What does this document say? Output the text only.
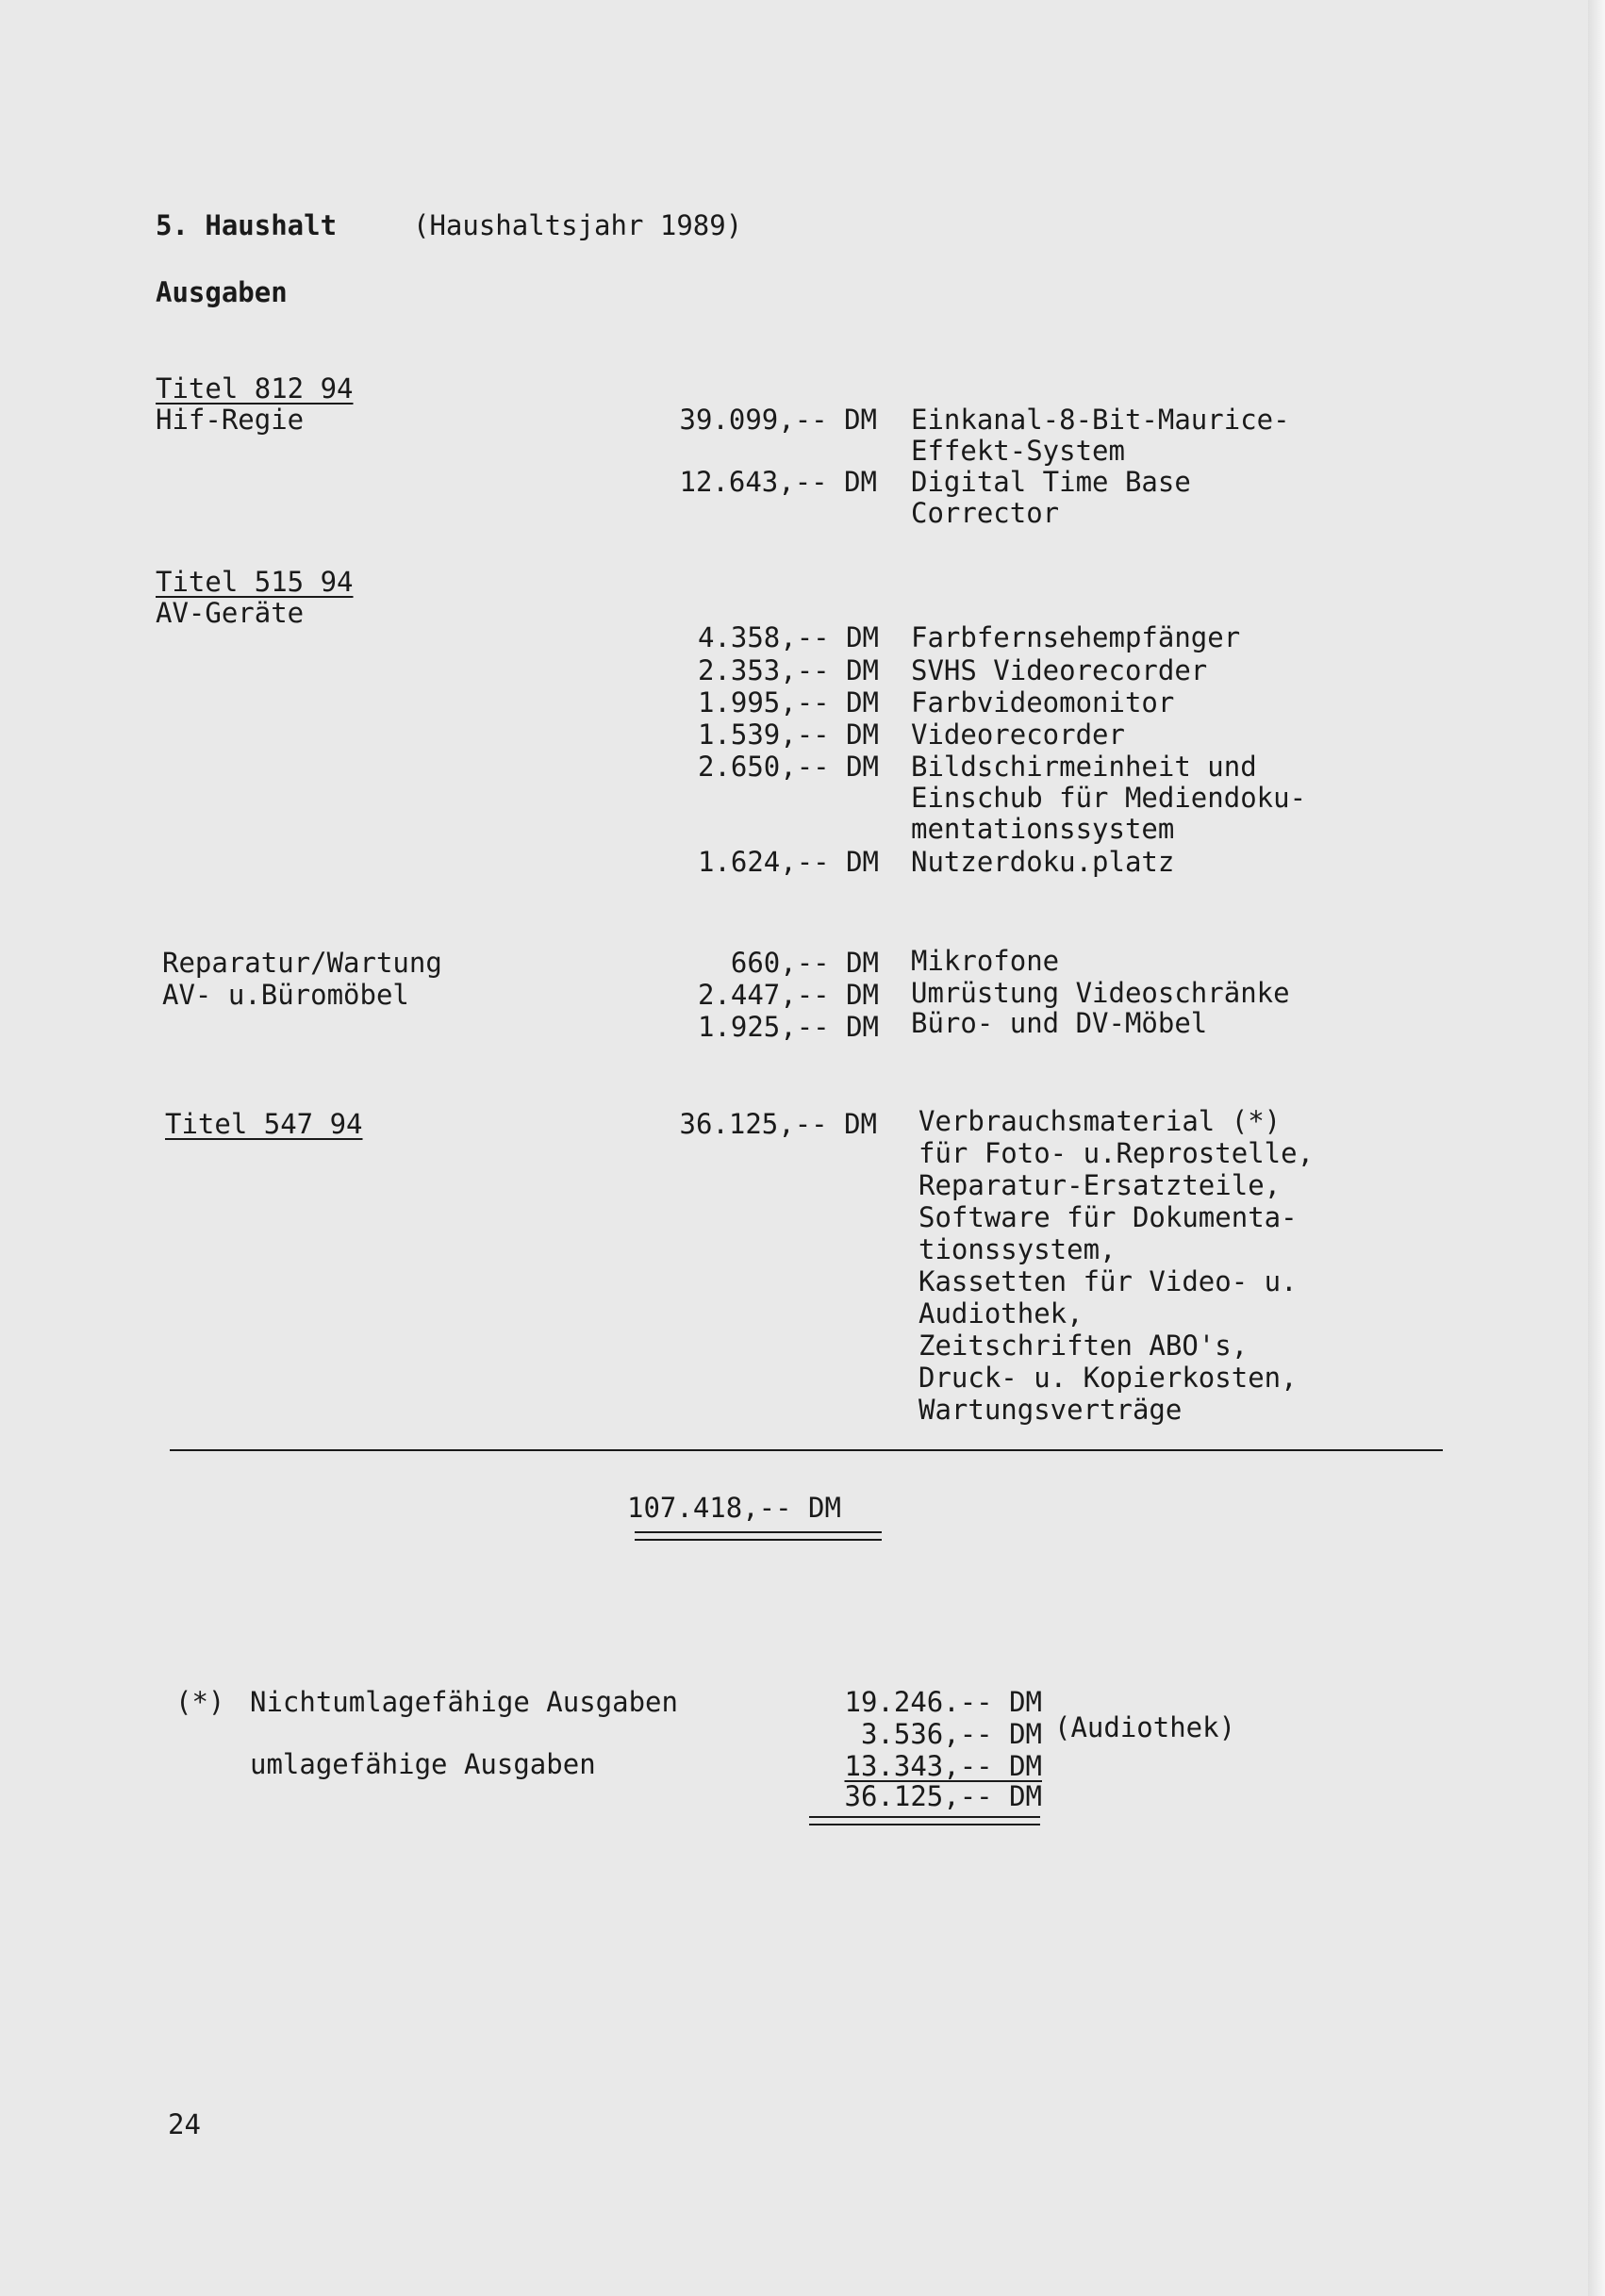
5. Haushalt	(Haushaltsjahr 1989)
Ausgaben
Titel 812 94
Hif-Regie	39.099,-- DM Einkanal-8-Bit-Maurice-
Effekt-System
12.643,-- DM Digital Time Base
Corrector
Titel 515 94
AV-Geräte
4.358,-- DM Farbfernsehempfänger
2.353,-- DM SVHS Videorecorder
1.995,-- DM Farbvideomonitor
1.539,-- DM Videorecorder
2.650,-- DM Bildschirmeinheit und
Einschub für Mediendoku-
mentationssystem
1.624,-- DM Nutzerdoku.platz
Reparatur/Wartung
AV- u.Büromöbel
660,-- DM Mikrofone
2.447,-- DM Umrüstung Videoschränke
1.925,-- DM Büro- und DV-Möbel
Titel 547 94	36.125,-- DM Verbrauchsmaterial (*)
für Foto- u.Reprostelle,
Reparatur-Ersatzteile,
Software für Dokumenta-
tionssystem,
Kassetten für Video- u.
Audiothek,
Zeitschriften ABO's,
Druck- u. Kopierkosten,
Wartungsverträge
107.418,-- DM
(*) Nichtumlagefähige Ausgaben	19.246.-- DM
3.536,-- DM (Audiothek)
umlagefähige Ausgaben	13.343,-- DM
36.125,-- DM
24
